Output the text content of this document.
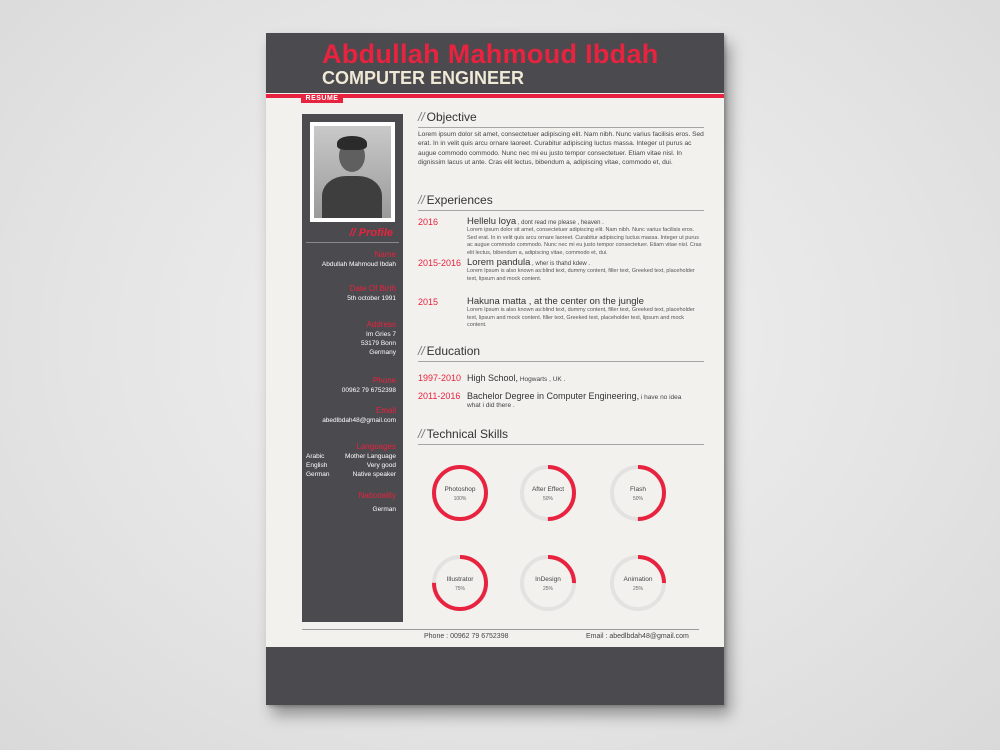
Abdullah Mahmoud Ibdah
COMPUTER ENGINEER
RESUME
// Profile
Name
Abdullah Mahmoud Ibdah
Date Of Birth
5th october 1991
Address
Im Gries 7
53179 Bonn
Germany
Phone
00962 79 6752398
Email
abedlbdah48@gmail.com
Languages
Arabic	Mother Language
English	Very good
German	Native speaker
Nationality
German
// Objective
Lorem ipsum dolor sit amet, consectetuer adipiscing elit. Nam nibh. Nunc varius facilisis eros. Sed erat. In in velit quis arcu ornare laoreet. Curabitur adipiscing luctus massa. Integer ut purus ac augue commodo commodo. Nunc nec mi eu justo tempor consectetuer. Etiam vitae nisl. In dignissim lacus ut ante. Cras elit lectus, bibendum a, adipiscing vitae, commodo et, dui.
// Experiences
2016	Hellelu loya , dont read me please , heaven .
Lorem ipsum dolor sit amet, consectetuer adipiscing elit. Nam nibh. Nunc varius facilisis eros. Sed erat. In in velit quis arcu ornare laoreet. Curabitur adipiscing luctus massa. Integer ut purus ac augue commodo commodo. Nunc nec mi eu justo tempor consectetuer. Etiam vitae nisl. Cras elit lectus, bibendum a, adipiscing vitae, commodo et, dui.
2015-2016 Lorem pandula , wher is thahd kdew .
Lorem Ipsum is also known as:blind text, dummy content, filler text, Greeked text, placeholder text, lipsum and mock content.
2015	Hakuna matta , at the center on the jungle
Lorem Ipsum is also known as:blind text, dummy content, filler text, Greeked text, placeholder text, lipsum and mock content. filler text, Greeked text, placeholder text, lipsum and mock content.
// Education
1997-2010 High School, Hogwarts , UK .
2011-2016 Bachelor Degree in Computer Engineering, i have no idea
what i did there .
// Technical Skills
Photoshop
100%
After Effect
50%
Flash
50%
Illustrator
75%
InDesign
25%
Animation
25%
Phone : 00962 79 6752398	Email : abedlbdah48@gmail.com
